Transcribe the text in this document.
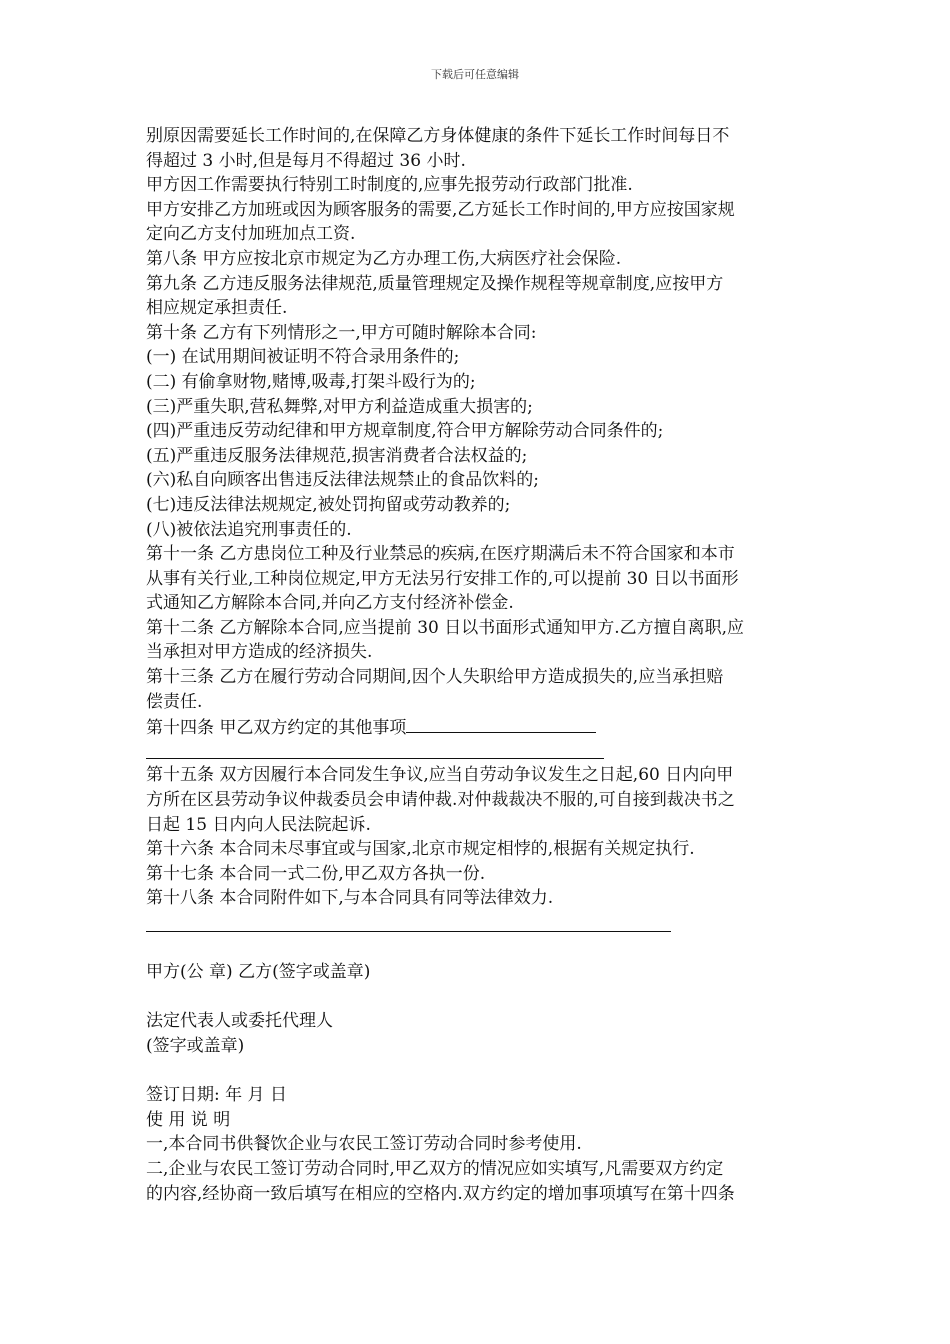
下载后可任意编辑
别原因需要延长工作时间的,在保障乙方身体健康的条件下延长工作时间每日不
得超过 3 小时,但是每月不得超过 36 小时.
甲方因工作需要执行特别工时制度的,应事先报劳动行政部门批准.
甲方安排乙方加班或因为顾客服务的需要,乙方延长工作时间的,甲方应按国家规
定向乙方支付加班加点工资.
第八条 甲方应按北京市规定为乙方办理工伤,大病医疗社会保险.
第九条 乙方违反服务法律规范,质量管理规定及操作规程等规章制度,应按甲方
相应规定承担责任.
第十条 乙方有下列情形之一,甲方可随时解除本合同:
(一) 在试用期间被证明不符合录用条件的;
(二) 有偷拿财物,赌博,吸毒,打架斗殴行为的;
(三)严重失职,营私舞弊,对甲方利益造成重大损害的;
(四)严重违反劳动纪律和甲方规章制度,符合甲方解除劳动合同条件的;
(五)严重违反服务法律规范,损害消费者合法权益的;
(六)私自向顾客出售违反法律法规禁止的食品饮料的;
(七)违反法律法规规定,被处罚拘留或劳动教养的;
(八)被依法追究刑事责任的.
第十一条 乙方患岗位工种及行业禁忌的疾病,在医疗期满后未不符合国家和本市
从事有关行业,工种岗位规定,甲方无法另行安排工作的,可以提前 30 日以书面形
式通知乙方解除本合同,并向乙方支付经济补偿金.
第十二条 乙方解除本合同,应当提前 30 日以书面形式通知甲方.乙方擅自离职,应
当承担对甲方造成的经济损失.
第十三条 乙方在履行劳动合同期间,因个人失职给甲方造成损失的,应当承担赔
偿责任.
第十四条 甲乙双方约定的其他事项
第十五条 双方因履行本合同发生争议,应当自劳动争议发生之日起,60 日内向甲
方所在区县劳动争议仲裁委员会申请仲裁.对仲裁裁决不服的,可自接到裁决书之
日起 15 日内向人民法院起诉.
第十六条 本合同未尽事宜或与国家,北京市规定相悖的,根据有关规定执行.
第十七条 本合同一式二份,甲乙双方各执一份.
第十八条 本合同附件如下,与本合同具有同等法律效力.
甲方(公 章) 乙方(签字或盖章)
法定代表人或委托代理人
(签字或盖章)
签订日期: 年 月 日
使 用 说 明
一,本合同书供餐饮企业与农民工签订劳动合同时参考使用.
二,企业与农民工签订劳动合同时,甲乙双方的情况应如实填写,凡需要双方约定
的内容,经协商一致后填写在相应的空格内.双方约定的增加事项填写在第十四条
